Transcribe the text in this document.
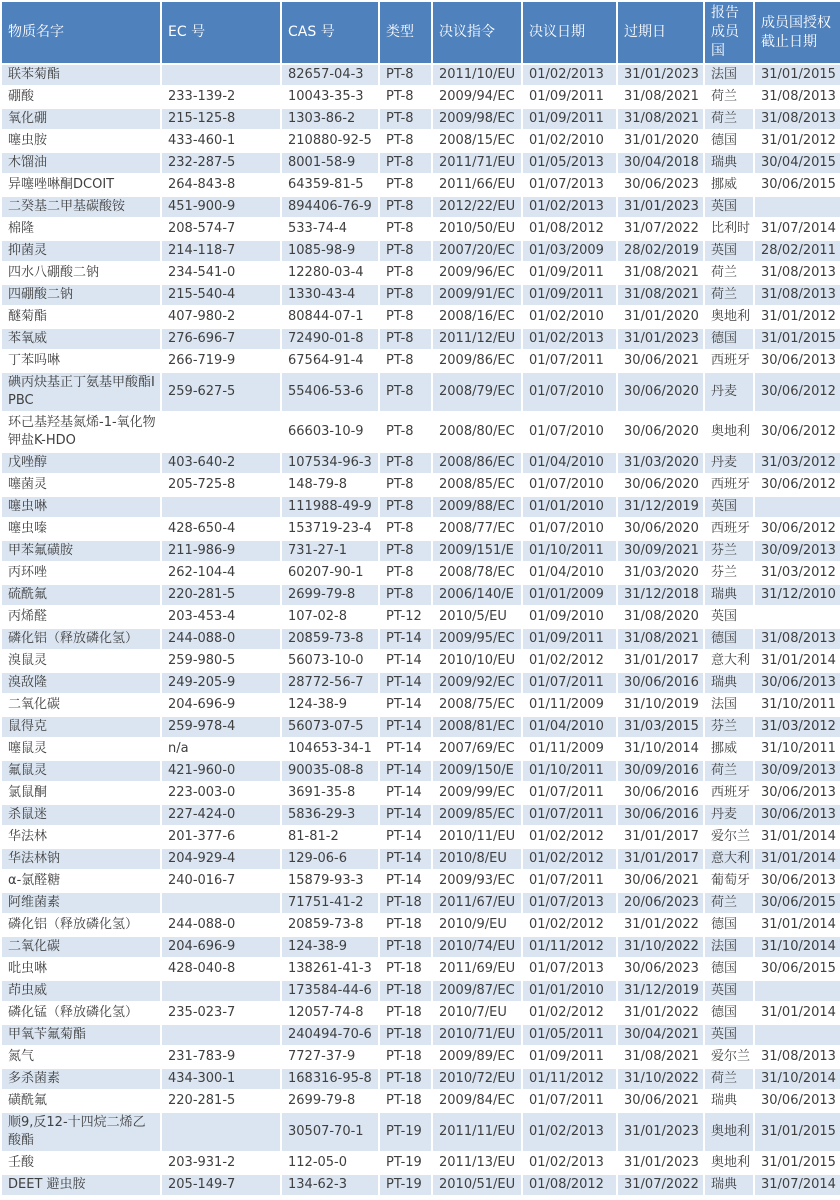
物质名字	EC 号	CAS 号	类型	决议指令	决议日期	过期日	报告成员国	成员国授权截止日期
联苯菊酯		82657-04-3	PT-8	2011/10/EU	01/02/2013	31/01/2023	法国	31/01/2015
硼酸	233-139-2	10043-35-3	PT-8	2009/94/EC	01/09/2011	31/08/2021	荷兰	31/08/2013
氧化硼	215-125-8	1303-86-2	PT-8	2009/98/EC	01/09/2011	31/08/2021	荷兰	31/08/2013
噻虫胺	433-460-1	210880-92-5	PT-8	2008/15/EC	01/02/2010	31/01/2020	德国	31/01/2012
木馏油	232-287-5	8001-58-9	PT-8	2011/71/EU	01/05/2013	30/04/2018	瑞典	30/04/2015
异噻唑啉酮DCOIT	264-843-8	64359-81-5	PT-8	2011/66/EU	01/07/2013	30/06/2023	挪威	30/06/2015
二癸基二甲基碳酸铵	451-900-9	894406-76-9	PT-8	2012/22/EU	01/02/2013	31/01/2023	英国	
棉隆	208-574-7	533-74-4	PT-8	2010/50/EU	01/08/2012	31/07/2022	比利时	31/07/2014
抑菌灵	214-118-7	1085-98-9	PT-8	2007/20/EC	01/03/2009	28/02/2019	英国	28/02/2011
四水八硼酸二钠	234-541-0	12280-03-4	PT-8	2009/96/EC	01/09/2011	31/08/2021	荷兰	31/08/2013
四硼酸二钠	215-540-4	1330-43-4	PT-8	2009/91/EC	01/09/2011	31/08/2021	荷兰	31/08/2013
醚菊酯	407-980-2	80844-07-1	PT-8	2008/16/EC	01/02/2010	31/01/2020	奥地利	31/01/2012
苯氧威	276-696-7	72490-01-8	PT-8	2011/12/EU	01/02/2013	31/01/2023	德国	31/01/2015
丁苯吗啉	266-719-9	67564-91-4	PT-8	2009/86/EC	01/07/2011	30/06/2021	西班牙	30/06/2013
碘丙炔基正丁氨基甲酸酯IPBC	259-627-5	55406-53-6	PT-8	2008/79/EC	01/07/2010	30/06/2020	丹麦	30/06/2012
环己基羟基氮烯-1-氧化物钾盐K-HDO		66603-10-9	PT-8	2008/80/EC	01/07/2010	30/06/2020	奥地利	30/06/2012
戊唑醇	403-640-2	107534-96-3	PT-8	2008/86/EC	01/04/2010	31/03/2020	丹麦	31/03/2012
噻菌灵	205-725-8	148-79-8	PT-8	2008/85/EC	01/07/2010	30/06/2020	西班牙	30/06/2012
噻虫啉		111988-49-9	PT-8	2009/88/EC	01/01/2010	31/12/2019	英国	
噻虫嗪	428-650-4	153719-23-4	PT-8	2008/77/EC	01/07/2010	30/06/2020	西班牙	30/06/2012
甲苯氟磺胺	211-986-9	731-27-1	PT-8	2009/151/E	01/10/2011	30/09/2021	芬兰	30/09/2013
丙环唑	262-104-4	60207-90-1	PT-8	2008/78/EC	01/04/2010	31/03/2020	芬兰	31/03/2012
硫酰氟	220-281-5	2699-79-8	PT-8	2006/140/E	01/01/2009	31/12/2018	瑞典	31/12/2010
丙烯醛	203-453-4	107-02-8	PT-12	2010/5/EU	01/09/2010	31/08/2020	英国	
磷化铝（释放磷化氢）	244-088-0	20859-73-8	PT-14	2009/95/EC	01/09/2011	31/08/2021	德国	31/08/2013
溴鼠灵	259-980-5	56073-10-0	PT-14	2010/10/EU	01/02/2012	31/01/2017	意大利	31/01/2014
溴敌隆	249-205-9	28772-56-7	PT-14	2009/92/EC	01/07/2011	30/06/2016	瑞典	30/06/2013
二氧化碳	204-696-9	124-38-9	PT-14	2008/75/EC	01/11/2009	31/10/2019	法国	31/10/2011
鼠得克	259-978-4	56073-07-5	PT-14	2008/81/EC	01/04/2010	31/03/2015	芬兰	31/03/2012
噻鼠灵	n/a	104653-34-1	PT-14	2007/69/EC	01/11/2009	31/10/2014	挪威	31/10/2011
氟鼠灵	421-960-0	90035-08-8	PT-14	2009/150/E	01/10/2011	30/09/2016	荷兰	30/09/2013
氯鼠酮	223-003-0	3691-35-8	PT-14	2009/99/EC	01/07/2011	30/06/2016	西班牙	30/06/2013
杀鼠迷	227-424-0	5836-29-3	PT-14	2009/85/EC	01/07/2011	30/06/2016	丹麦	30/06/2013
华法林	201-377-6	81-81-2	PT-14	2010/11/EU	01/02/2012	31/01/2017	爱尔兰	31/01/2014
华法林钠	204-929-4	129-06-6	PT-14	2010/8/EU	01/02/2012	31/01/2017	意大利	31/01/2014
α-氯醛糖	240-016-7	15879-93-3	PT-14	2009/93/EC	01/07/2011	30/06/2021	葡萄牙	30/06/2013
阿维菌素		71751-41-2	PT-18	2011/67/EU	01/07/2013	20/06/2023	荷兰	30/06/2015
磷化铝（释放磷化氢）	244-088-0	20859-73-8	PT-18	2010/9/EU	01/02/2012	31/01/2022	德国	31/01/2014
二氧化碳	204-696-9	124-38-9	PT-18	2010/74/EU	01/11/2012	31/10/2022	法国	31/10/2014
吡虫啉	428-040-8	138261-41-3	PT-18	2011/69/EU	01/07/2013	30/06/2023	德国	30/06/2015
茚虫威		173584-44-6	PT-18	2009/87/EC	01/01/2010	31/12/2019	英国	
磷化锰（释放磷化氢）	235-023-7	12057-74-8	PT-18	2010/7/EU	01/02/2012	31/01/2022	德国	31/01/2014
甲氧苄氟菊酯		240494-70-6	PT-18	2010/71/EU	01/05/2011	30/04/2021	英国	
氮气	231-783-9	7727-37-9	PT-18	2009/89/EC	01/09/2011	31/08/2021	爱尔兰	31/08/2013
多杀菌素	434-300-1	168316-95-8	PT-18	2010/72/EU	01/11/2012	31/10/2022	荷兰	31/10/2014
磺酰氟	220-281-5	2699-79-8	PT-18	2009/84/EC	01/07/2011	30/06/2021	瑞典	30/06/2013
顺9,反12-十四烷二烯乙酸酯		30507-70-1	PT-19	2011/11/EU	01/02/2013	31/01/2023	奥地利	31/01/2015
壬酸	203-931-2	112-05-0	PT-19	2011/13/EU	01/02/2013	31/01/2023	奥地利	31/01/2015
DEET 避虫胺	205-149-7	134-62-3	PT-19	2010/51/EU	01/08/2012	31/07/2022	瑞典	31/07/2014
